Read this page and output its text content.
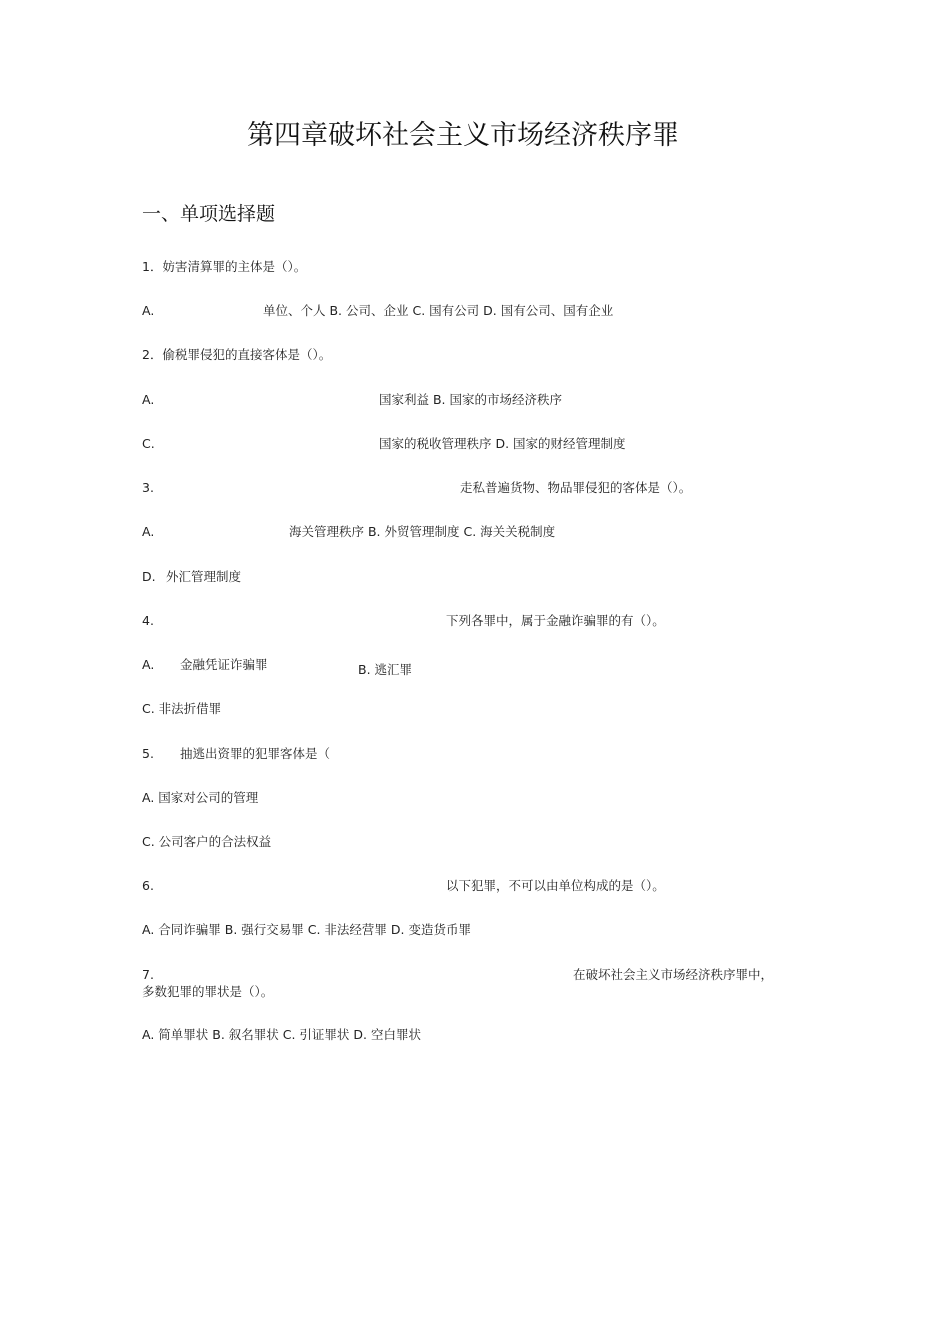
第四章破坏社会主义市场经济秩序罪
一、单项选择题
1．妨害清算罪的主体是（）。
A.	单位、个人 B. 公司、企业 C. 国有公司 D. 国有公司、国有企业
2．偷税罪侵犯的直接客体是（）。
A.	国家利益 B. 国家的市场经济秩序
C.	国家的税收管理秩序 D. 国家的财经管理制度
3.	走私普遍货物、物品罪侵犯的客体是（）。
A.	海关管理秩序 B. 外贸管理制度 C. 海关关税制度
D. 外汇管理制度
4.	下列各罪中，属于金融诈骗罪的有（）。
A. 金融凭证诈骗罪	B. 逃汇罪
C. 非法折借罪
5. 抽逃出资罪的犯罪客体是（
A. 国家对公司的管理
C. 公司客户的合法权益
6.	以下犯罪，不可以由单位构成的是（）。
A. 合同诈骗罪 B. 强行交易罪 C. 非法经营罪 D. 变造货币罪
7.	在破坏社会主义市场经济秩序罪中，
多数犯罪的罪状是（）。
A. 简单罪状 B. 叙名罪状 C. 引证罪状 D. 空白罪状
